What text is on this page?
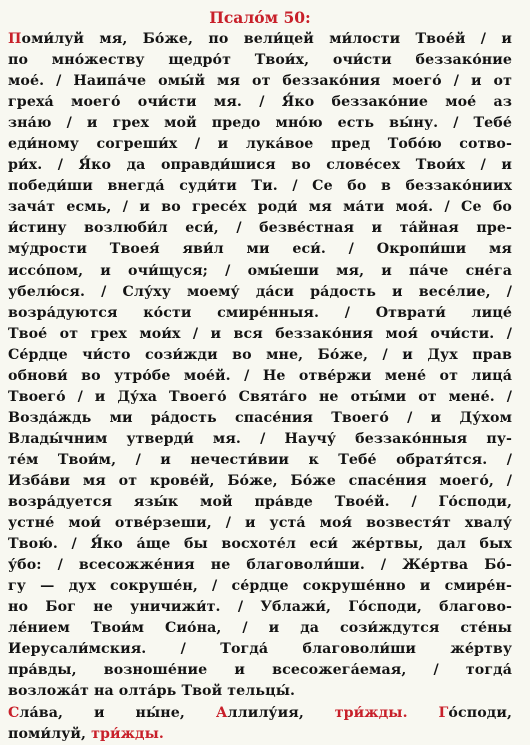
Псало́м 50:
Поми́луй мя, Бо́же, по вели́цей ми́лости Твое́й / и
по мно́жеству щедро́т Твои́х, очи́сти беззако́ние
мое́. / Наипа́че омы́й мя от беззако́ния моего́ / и от
греха́ моего́ очи́сти мя. / Я́ко беззако́ние мое́ аз
зна́ю / и грех мой предо мно́ю есть вы́ну. / Тебе́
еди́ному согреши́х / и лука́вое пред Тобо́ю сотво-
ри́х. / Я́ко да оправди́шися во слове́сех Твои́х / и
победи́ши внегда́ суди́ти Ти. / Се бо в беззако́ниих
зача́т есмь, / и во гресе́х роди́ мя ма́ти моя́. / Се бо
и́стину возлюби́л еси́, / безве́стная и та́йная пре-
му́дрости Твоея́ яви́л ми еси́. / Окропи́ши мя
иссо́пом, и очи́щуся; / омы́еши мя, и па́че сне́га
убелю́ся. / Слу́ху моему́ да́си ра́дость и весе́лие, /
возра́дуются ко́сти смире́нныя. / Отврати́ лице́
Твое́ от грех мои́х / и вся беззако́ния моя́ очи́сти. /
Се́рдце чи́сто сози́жди во мне, Бо́же, / и Дух прав
обнови́ во утро́бе мое́й. / Не отве́ржи мене́ от лица́
Твоего́ / и Ду́ха Твоего́ Свята́го не оты́ми от мене́. /
Возда́ждь ми ра́дость спасе́ния Твоего́ / и Ду́хом
Влады́чним утверди́ мя. / Научу́ беззако́нныя пу-
те́м Твои́м, / и нечести́вии к Тебе́ обратя́тся. /
Изба́ви мя от крове́й, Бо́же, Бо́же спасе́ния моего́, /
возра́дуется язы́к мой пра́вде Твое́й. / Го́споди,
устне́ мои́ отве́рзеши, / и уста́ моя́ возвестя́т хвалу́
Твою́. / Я́ко а́ще бы восхоте́л еси́ же́ртвы, дал бых
у́бо: / всесожже́ния не благоволи́ши. / Же́ртва Бо́-
гу — дух сокруше́н, / се́рдце сокруше́нно и смире́н-
но Бог не уничижи́т. / Ублажи́, Го́споди, благово-
ле́нием Твои́м Сио́на, / и да сози́ждутся сте́ны
Иерусали́мския. / Тогда́ благоволи́ши же́ртву
пра́вды, возноше́ние и всесожега́емая, / тогда́
возложа́т на олта́рь Твой тельцы́.
Сла́ва, и ны́не, Аллилу́ия, три́жды. Го́споди,
поми́луй, три́жды.
